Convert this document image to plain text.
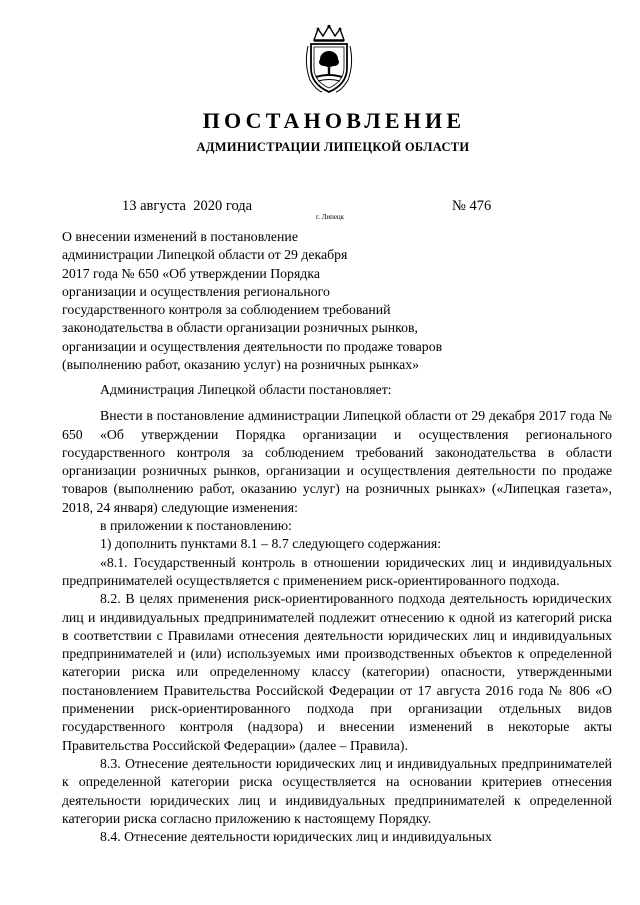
ПОСТАНОВЛЕНИЕ
АДМИНИСТРАЦИИ ЛИПЕЦКОЙ ОБЛАСТИ
13 августа  2020 года
г. Липецк
№ 476
О внесении изменений в постановление
администрации Липецкой области от 29 декабря
2017 года № 650 «Об утверждении Порядка
организации и осуществления регионального
государственного контроля за соблюдением требований
законодательства в области организации розничных рынков,
организации и осуществления деятельности по продаже товаров
(выполнению работ, оказанию услуг) на розничных рынках»

Администрация Липецкой области постановляет:

Внести в постановление администрации Липецкой области от 29 декабря 2017 года № 650 «Об утверждении Порядка организации и осуществления регионального государственного контроля за соблюдением требований законодательства в области организации розничных рынков, организации и осуществления деятельности по продаже товаров (выполнению работ, оказанию услуг) на розничных рынках» («Липецкая газета», 2018, 24 января) следующие изменения:

в приложении к постановлению:

1) дополнить пунктами 8.1 – 8.7 следующего содержания:

«8.1. Государственный контроль в отношении юридических лиц и индивидуальных предпринимателей осуществляется с применением риск-ориентированного подхода.

8.2. В целях применения риск-ориентированного подхода деятельность юридических лиц и индивидуальных предпринимателей подлежит отнесению к одной из категорий риска в соответствии с Правилами отнесения деятельности юридических лиц и индивидуальных предпринимателей и (или) используемых ими производственных объектов к определенной категории риска или определенному классу (категории) опасности, утвержденными постановлением Правительства Российской Федерации от 17 августа 2016 года № 806 «О применении риск-ориентированного подхода при организации отдельных видов государственного контроля (надзора) и внесении изменений в некоторые акты Правительства Российской Федерации» (далее – Правила).

8.3. Отнесение деятельности юридических лиц и индивидуальных предпринимателей к определенной категории риска осуществляется на основании критериев отнесения деятельности юридических лиц и индивидуальных предпринимателей к определенной категории риска согласно приложению к настоящему Порядку.

8.4. Отнесение деятельности юридических лиц и индивидуальных
